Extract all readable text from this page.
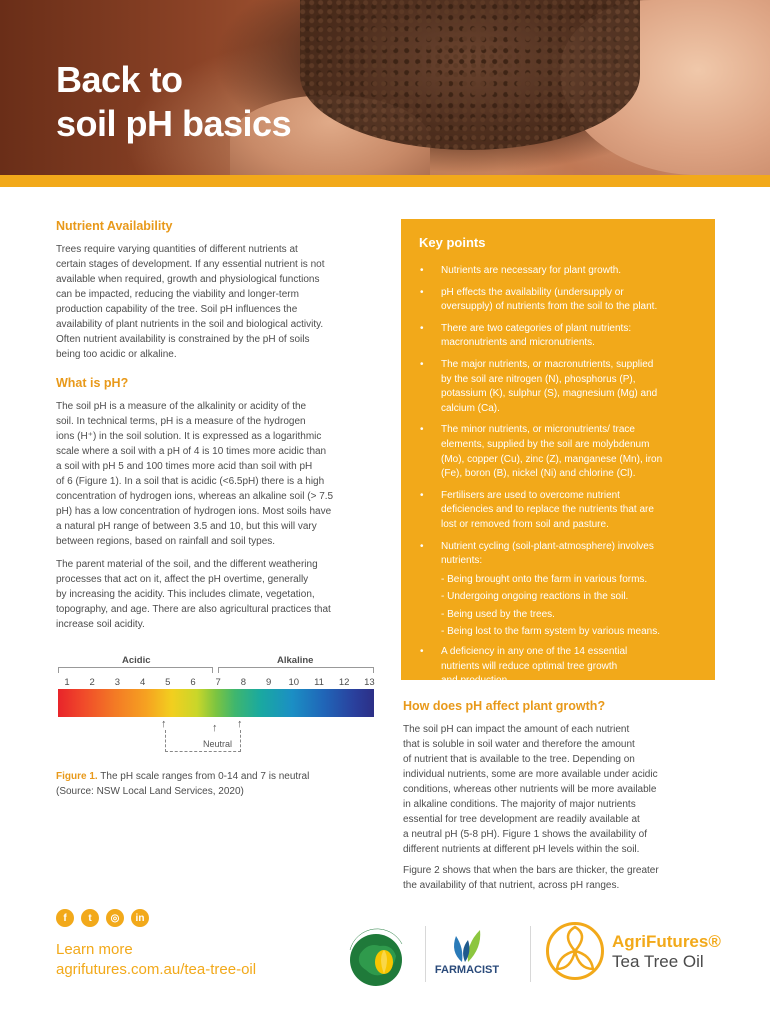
Back to
soil pH basics
Nutrient Availability

Trees require varying quantities of different nutrients at
certain stages of development. If any essential nutrient is not
available when required, growth and physiological functions
can be impacted, reducing the viability and longer-term
production capability of the tree. Soil pH influences the
availability of plant nutrients in the soil and biological activity.
Often nutrient availability is constrained by the pH of soils
being too acidic or alkaline.

What is pH?

The soil pH is a measure of the alkalinity or acidity of the
soil. In technical terms, pH is a measure of the hydrogen
ions (H⁺) in the soil solution. It is expressed as a logarithmic
scale where a soil with a pH of 4 is 10 times more acidic than
a soil with pH 5 and 100 times more acid than soil with pH
of 6 (Figure 1). In a soil that is acidic (<6.5pH) there is a high
concentration of hydrogen ions, whereas an alkaline soil (> 7.5
pH) has a low concentration of hydrogen ions. Most soils have
a natural pH range of between 3.5 and 10, but this will vary
between regions, based on rainfall and soil types.

The parent material of the soil, and the different weathering
processes that act on it, affect the pH overtime, generally
by increasing the acidity. This includes climate, vegetation,
topography, and age. There are also agricultural practices that
increase soil acidity.

Acidic	Alkaline
1	2	3	4	5	6	7	8	9	10 11 12 13
↑	↑ ↑
Neutral

Figure 1. The pH scale ranges from 0-14 and 7 is neutral
(Source: NSW Local Land Services, 2020)

Key points
• Nutrients are necessary for plant growth.
• pH effects the availability (undersupply or
oversupply) of nutrients from the soil to the plant.
• There are two categories of plant nutrients:
macronutrients and micronutrients.
• The major nutrients, or macronutrients, supplied
by the soil are nitrogen (N), phosphorus (P),
potassium (K), sulphur (S), magnesium (Mg) and
calcium (Ca).
• The minor nutrients, or micronutrients/ trace
elements, supplied by the soil are molybdenum
(Mo), copper (Cu), zinc (Z), manganese (Mn), iron
(Fe), boron (B), nickel (Ni) and chlorine (Cl).
• Fertilisers are used to overcome nutrient
deficiencies and to replace the nutrients that are
lost or removed from soil and pasture.
• Nutrient cycling (soil-plant-atmosphere) involves
nutrients:
- Being brought onto the farm in various forms.
- Undergoing ongoing reactions in the soil.
- Being used by the trees.
- Being lost to the farm system by various means.
• A deficiency in any one of the 14 essential
nutrients will reduce optimal tree growth
and production.
How does pH affect plant growth?

The soil pH can impact the amount of each nutrient
that is soluble in soil water and therefore the amount
of nutrient that is available to the tree. Depending on
individual nutrients, some are more available under acidic
conditions, whereas other nutrients will be more available
in alkaline conditions. The majority of major nutrients
essential for tree development are readily available at
a neutral pH (5-8 pH). Figure 1 shows the availability of
different nutrients at different pH levels within the soil.

Figure 2 shows that when the bars are thicker, the greater
the availability of that nutrient, across pH ranges.

f	t	◎	in
Learn more
agrifutures.com.au/tea-tree-oil	FARMACIST
AgriFutures®
Tea Tree Oil
